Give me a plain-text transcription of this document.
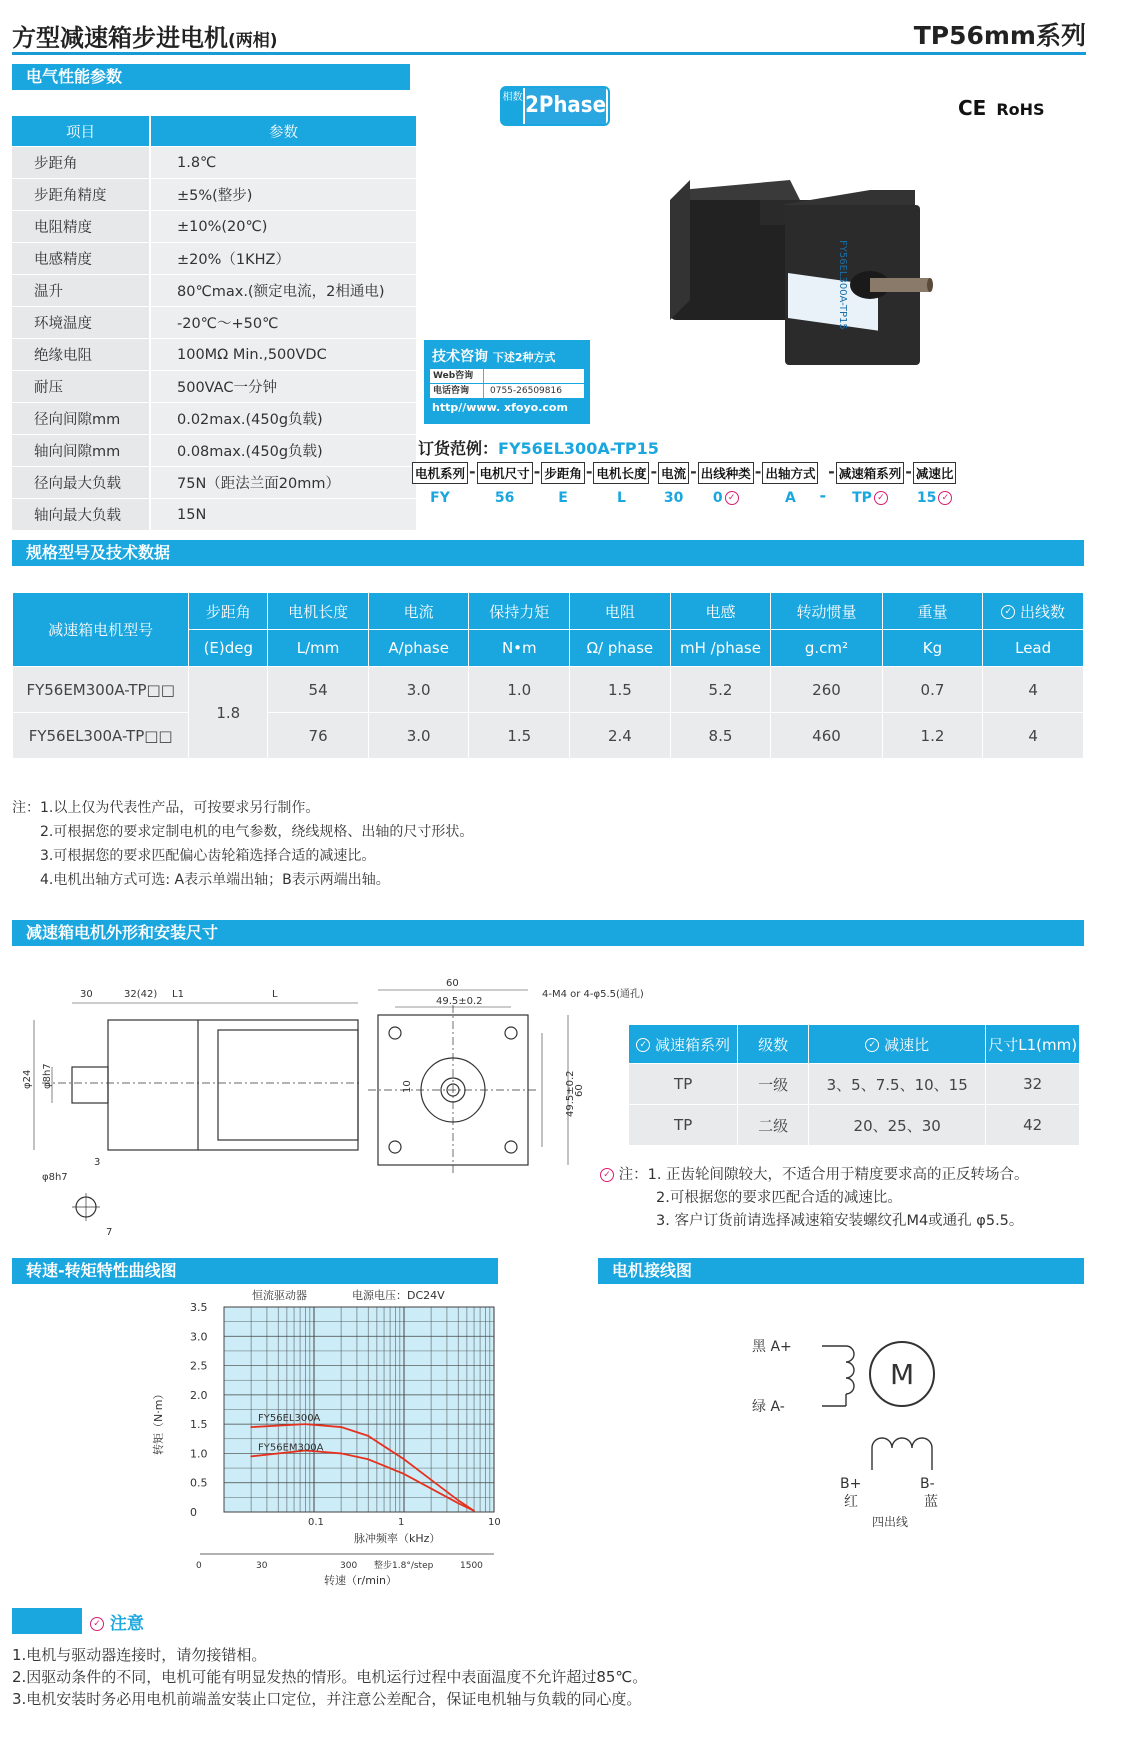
方型减速箱步进电机(两相)	TP56mm系列
电气性能参数
项目	参数
步距角	1.8℃
步距角精度	±5%(整步)
电阻精度	±10%(20℃)
电感精度	±20%（1KHZ）
温升	80℃max.(额定电流，2相通电)
环境温度	-20℃～+50℃
绝缘电阻	100MΩ Min.,500VDC
耐压	500VAC一分钟
径向间隙mm	0.02max.(450g负载)
轴向间隙mm	0.08max.(450g负载)
径向最大负载	75N（距法兰面20mm）
轴向最大负载	15N
相数 2Phase	CE RoHS
FY56EL300A-TP15
技术咨询 下述2种方式
Web咨询
电话咨询	0755-26509816
http//www. xfoyo.com
订货范例：FY56EL300A-TP15
电机系列
FY
- 电机尺寸
56
- 步距角
E
- 电机长度
L
- 电流
30
- 出线种类
0 ✓
- 出轴方式
A -
- 减速箱系列
TP ✓
- 减速比
15 ✓
规格型号及技术数据
减速箱电机型号	步距角	电机长度	电流	保持力矩	电阻	电感	转动惯量	重量	✓ 出线数
	(E)deg	L/mm	A/phase	N•m	Ω/ phase	mH /phase	g.cm²	Kg	Lead
FY56EM300A-TP□□	1.8	54	3.0	1.0	1.5	5.2	260	0.7	4
FY56EL300A-TP□□		76	3.0	1.5	2.4	8.5	460	1.2	4
注：1.以上仅为代表性产品，可按要求另行制作。
2.可根据您的要求定制电机的电气参数，绕线规格、出轴的尺寸形状。
3.可根据您的要求匹配偏心齿轮箱选择合适的减速比。
4.电机出轴方式可选: A表示单端出轴；B表示两端出轴。
减速箱电机外形和安装尺寸
30	32(42) L1	L
φ24 φ8h7
3
φ8h7
7
60
49.5±0.2
4-M4 or 4-φ5.5(通孔)
10	49.5±0.2
60
✓ 减速箱系列	级数	✓ 减速比	尺寸L1(mm)
TP	一级	3、5、7.5、10、15	32
TP	二级	20、25、30	42
✓ 注：1. 正齿轮间隙较大，不适合用于精度要求高的正反转场合。
2.可根据您的要求匹配合适的减速比。
3. 客户订货前请选择减速箱安装螺纹孔M4或通孔 φ5.5。
转速-转矩特性曲线图	电机接线图
3.5
3.0
2.5
2.0
1.5
1.0
0.5
0
0.1	1	10
脉冲频率（kHz）
0	30	300	1500
转速（r/min）
整步1.8°/step
恒流驱动器	电源电压：DC24V
转矩（N·m）	FY56EL300A
FY56EM300A
黑 A+
绿 A-
M
B+	B-
红	蓝
四出线
✓ 注意
1.电机与驱动器连接时，请勿接错相。
2.因驱动条件的不同，电机可能有明显发热的情形。电机运行过程中表面温度不允许超过85℃。
3.电机安装时务必用电机前端盖安装止口定位，并注意公差配合，保证电机轴与负载的同心度。
